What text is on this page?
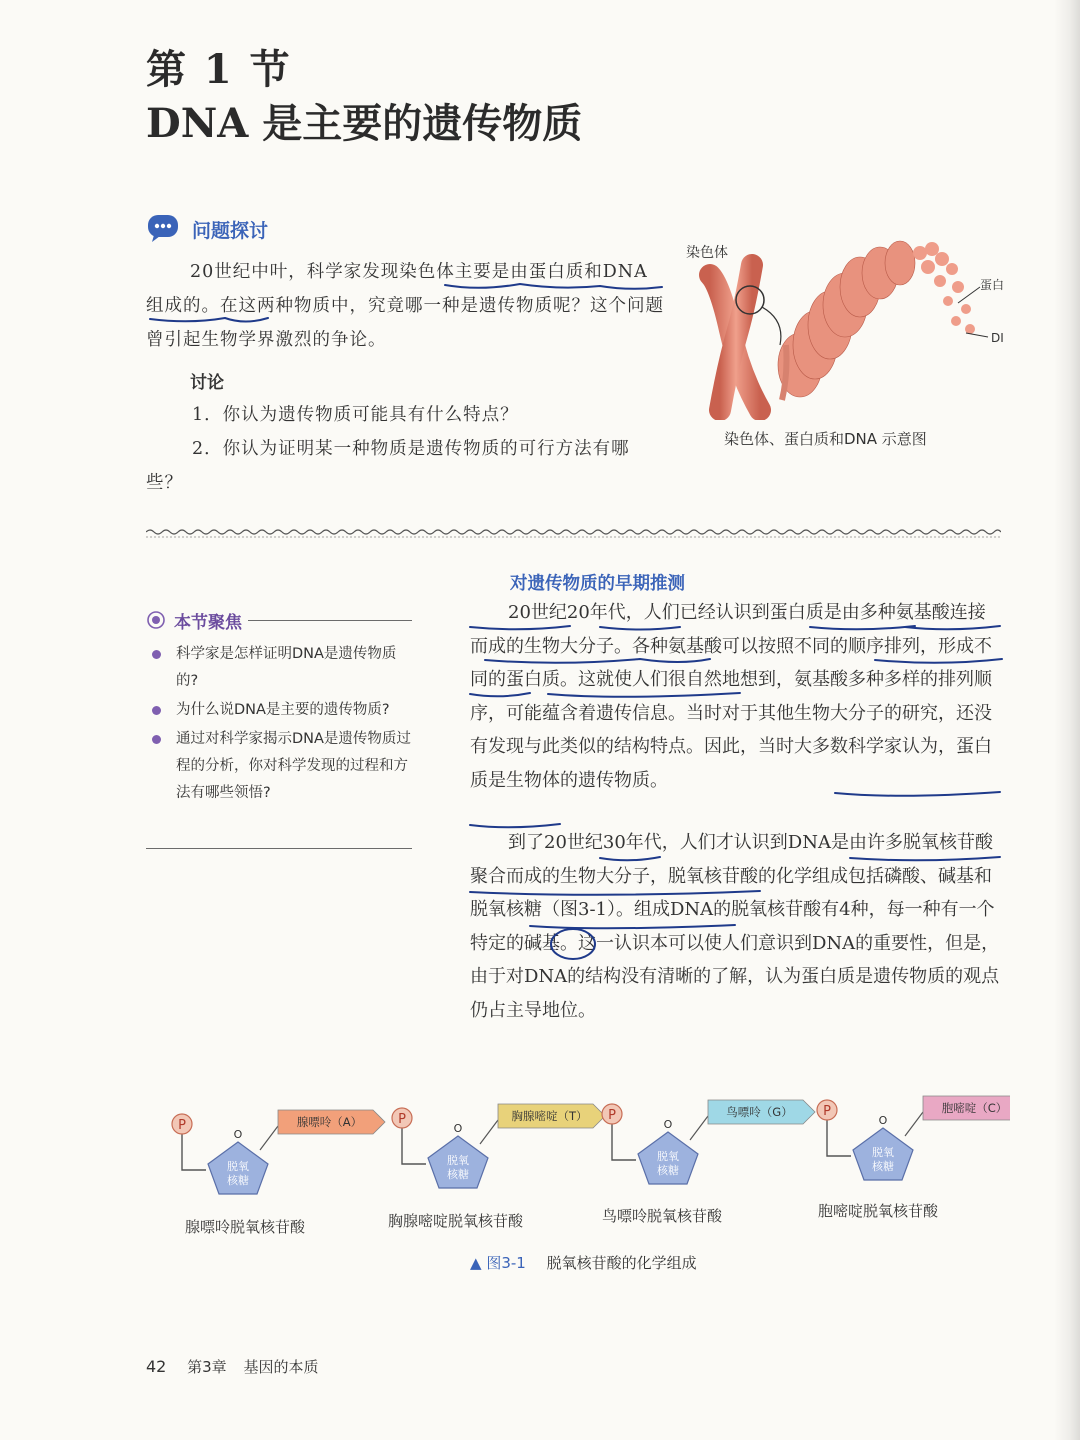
第 1 节
DNA 是主要的遗传物质
问题探讨
20世纪中叶，科学家发现染色体主要是由蛋白质和DNA组成的。在这两种物质中，究竟哪一种是遗传物质呢？这个问题曾引起生物学界激烈的争论。
讨论
1．你认为遗传物质可能具有什么特点？
2．你认为证明某一种物质是遗传物质的可行方法有哪些？
染色体
蛋白
DI
染色体、蛋白质和DNA 示意图
本节聚焦
科学家是怎样证明DNA是遗传物质的?
为什么说DNA是主要的遗传物质?
通过对科学家揭示DNA是遗传物质过程的分析，你对科学发现的过程和方法有哪些领悟?
对遗传物质的早期推测
20世纪20年代，人们已经认识到蛋白质是由多种氨基酸连接而成的生物大分子。各种氨基酸可以按照不同的顺序排列，形成不同的蛋白质。这就使人们很自然地想到，氨基酸多种多样的排列顺序，可能蕴含着遗传信息。当时对于其他生物大分子的研究，还没有发现与此类似的结构特点。因此，当时大多数科学家认为，蛋白质是生物体的遗传物质。
到了20世纪30年代，人们才认识到DNA是由许多脱氧核苷酸聚合而成的生物大分子，脱氧核苷酸的化学组成包括磷酸、碱基和脱氧核糖（图3-1）。组成DNA的脱氧核苷酸有4种，每一种有一个特定的碱基。这一认识本可以使人们意识到DNA的重要性，但是，由于对DNA的结构没有清晰的了解，认为蛋白质是遗传物质的观点仍占主导地位。
P
O
脱氧
核糖
腺嘌呤（A）	P
O
脱氧
核糖
胸腺嘧啶（T） P
O
脱氧
核糖
鸟嘌呤（G） P
O
脱氧
核糖
胞嘧啶（C）
腺嘌呤脱氧核苷酸	胸腺嘧啶脱氧核苷酸	鸟嘌呤脱氧核苷酸	胞嘧啶脱氧核苷酸
▲ 图3-1 脱氧核苷酸的化学组成
42 第3章 基因的本质
